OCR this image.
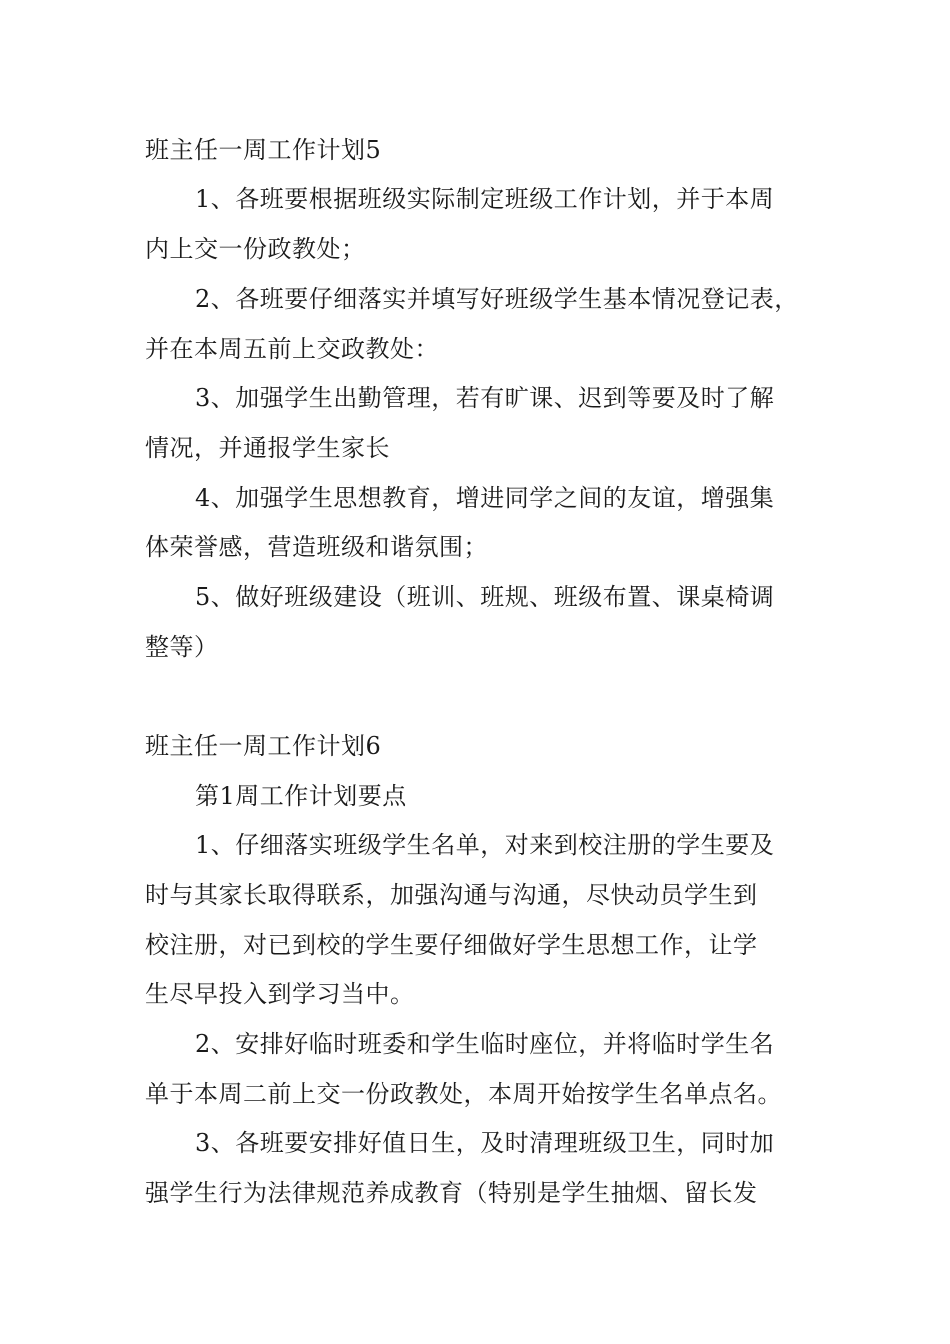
班主任一周工作计划5
1、各班要根据班级实际制定班级工作计划，并于本周
内上交一份政教处；
2、各班要仔细落实并填写好班级学生基本情况登记表，
并在本周五前上交政教处：
3、加强学生出勤管理，若有旷课、迟到等要及时了解
情况，并通报学生家长
4、加强学生思想教育，增进同学之间的友谊，增强集
体荣誉感，营造班级和谐氛围；
5、做好班级建设（班训、班规、班级布置、课桌椅调
整等）
班主任一周工作计划6
第1周工作计划要点
1、仔细落实班级学生名单，对来到校注册的学生要及
时与其家长取得联系，加强沟通与沟通，尽快动员学生到
校注册，对已到校的学生要仔细做好学生思想工作，让学
生尽早投入到学习当中。
2、安排好临时班委和学生临时座位，并将临时学生名
单于本周二前上交一份政教处，本周开始按学生名单点名。
3、各班要安排好值日生，及时清理班级卫生，同时加
强学生行为法律规范养成教育（特别是学生抽烟、留长发
